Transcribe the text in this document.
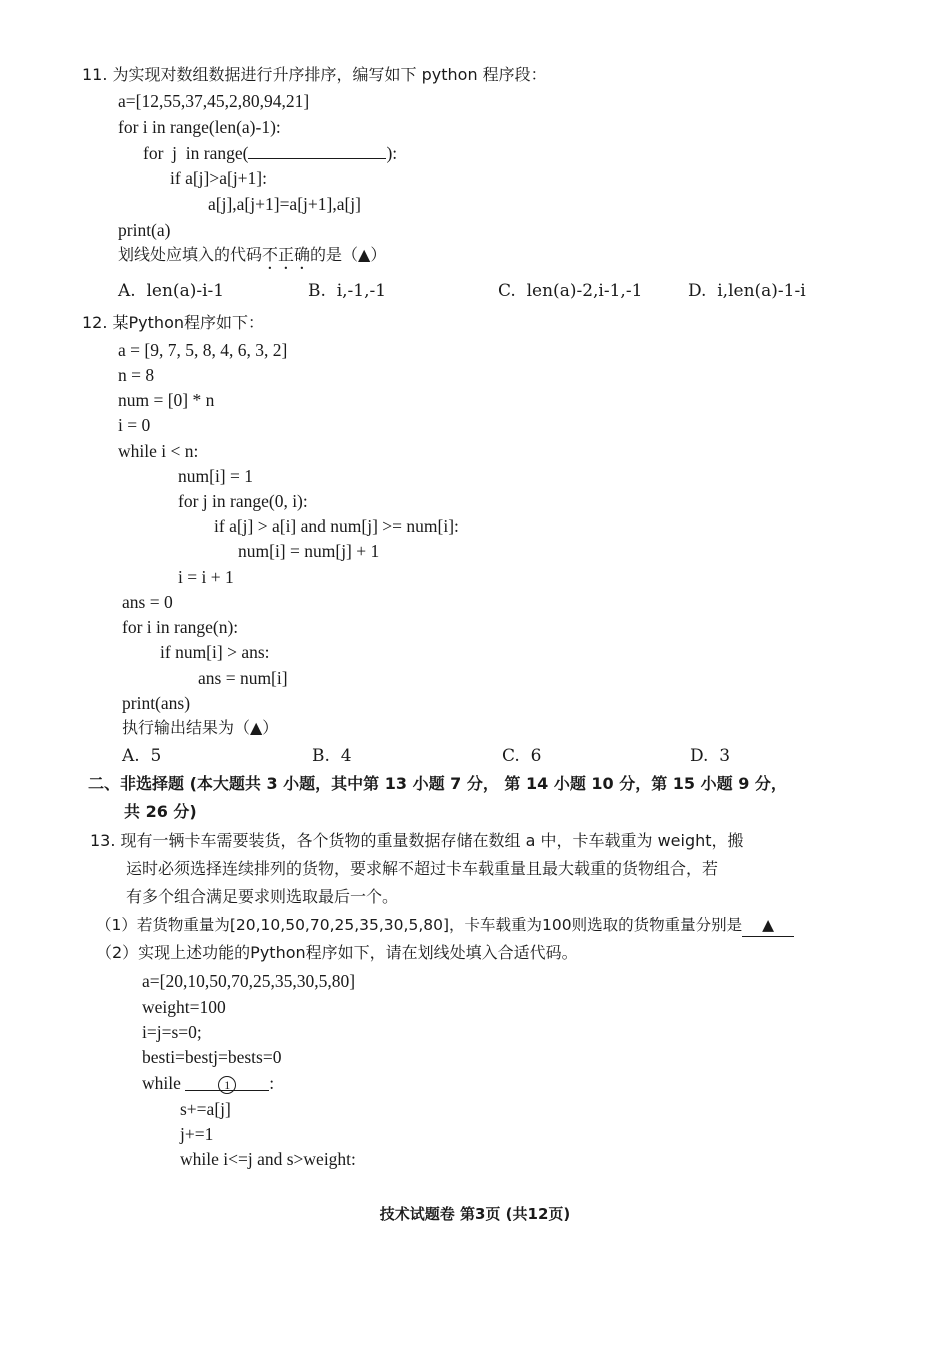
11. 为实现对数组数据进行升序排序，编写如下 python 程序段：
a=[12,55,37,45,2,80,94,21]
for i in range(len(a)-1):
for  j  in range(	):
if a[j]>a[j+1]:
a[j],a[j+1]=a[j+1],a[j]
print(a)
划线处应填入的代码不正确的是（▲）
A.  len(a)-i-1	B.  i,-1,-1	C.  len(a)-2,i-1,-1	D.  i,len(a)-1-i
12. 某Python程序如下：
a = [9, 7, 5, 8, 4, 6, 3, 2]
n = 8
num = [0] * n
i = 0
while i < n:
num[i] = 1
for j in range(0, i):
if a[j] > a[i] and num[j] >= num[i]:
num[i] = num[j] + 1
i = i + 1
ans = 0
for i in range(n):
if num[i] > ans:
ans = num[i]
print(ans)
执行输出结果为（▲）
A.  5	B.  4	C.  6	D.  3
二、非选择题 (本大题共 3 小题，其中第 13 小题 7 分， 第 14 小题 10 分，第 15 小题 9 分，
共 26 分)
13. 现有一辆卡车需要装货，各个货物的重量数据存储在数组 a 中，卡车载重为 weight，搬
运时必须选择连续排列的货物，要求解不超过卡车载重量且最大载重的货物组合，若
有多个组合满足要求则选取最后一个。
（1）若货物重量为[20,10,50,70,25,35,30,5,80]，卡车载重为100则选取的货物重量分别是 ▲
（2）实现上述功能的Python程序如下，请在划线处填入合适代码。
a=[20,10,50,70,25,35,30,5,80]
weight=100
i=j=s=0;
besti=bestj=bests=0
while	1 :
s+=a[j]
j+=1
while i<=j and s>weight:
技术试题卷 第3页 (共12页)
